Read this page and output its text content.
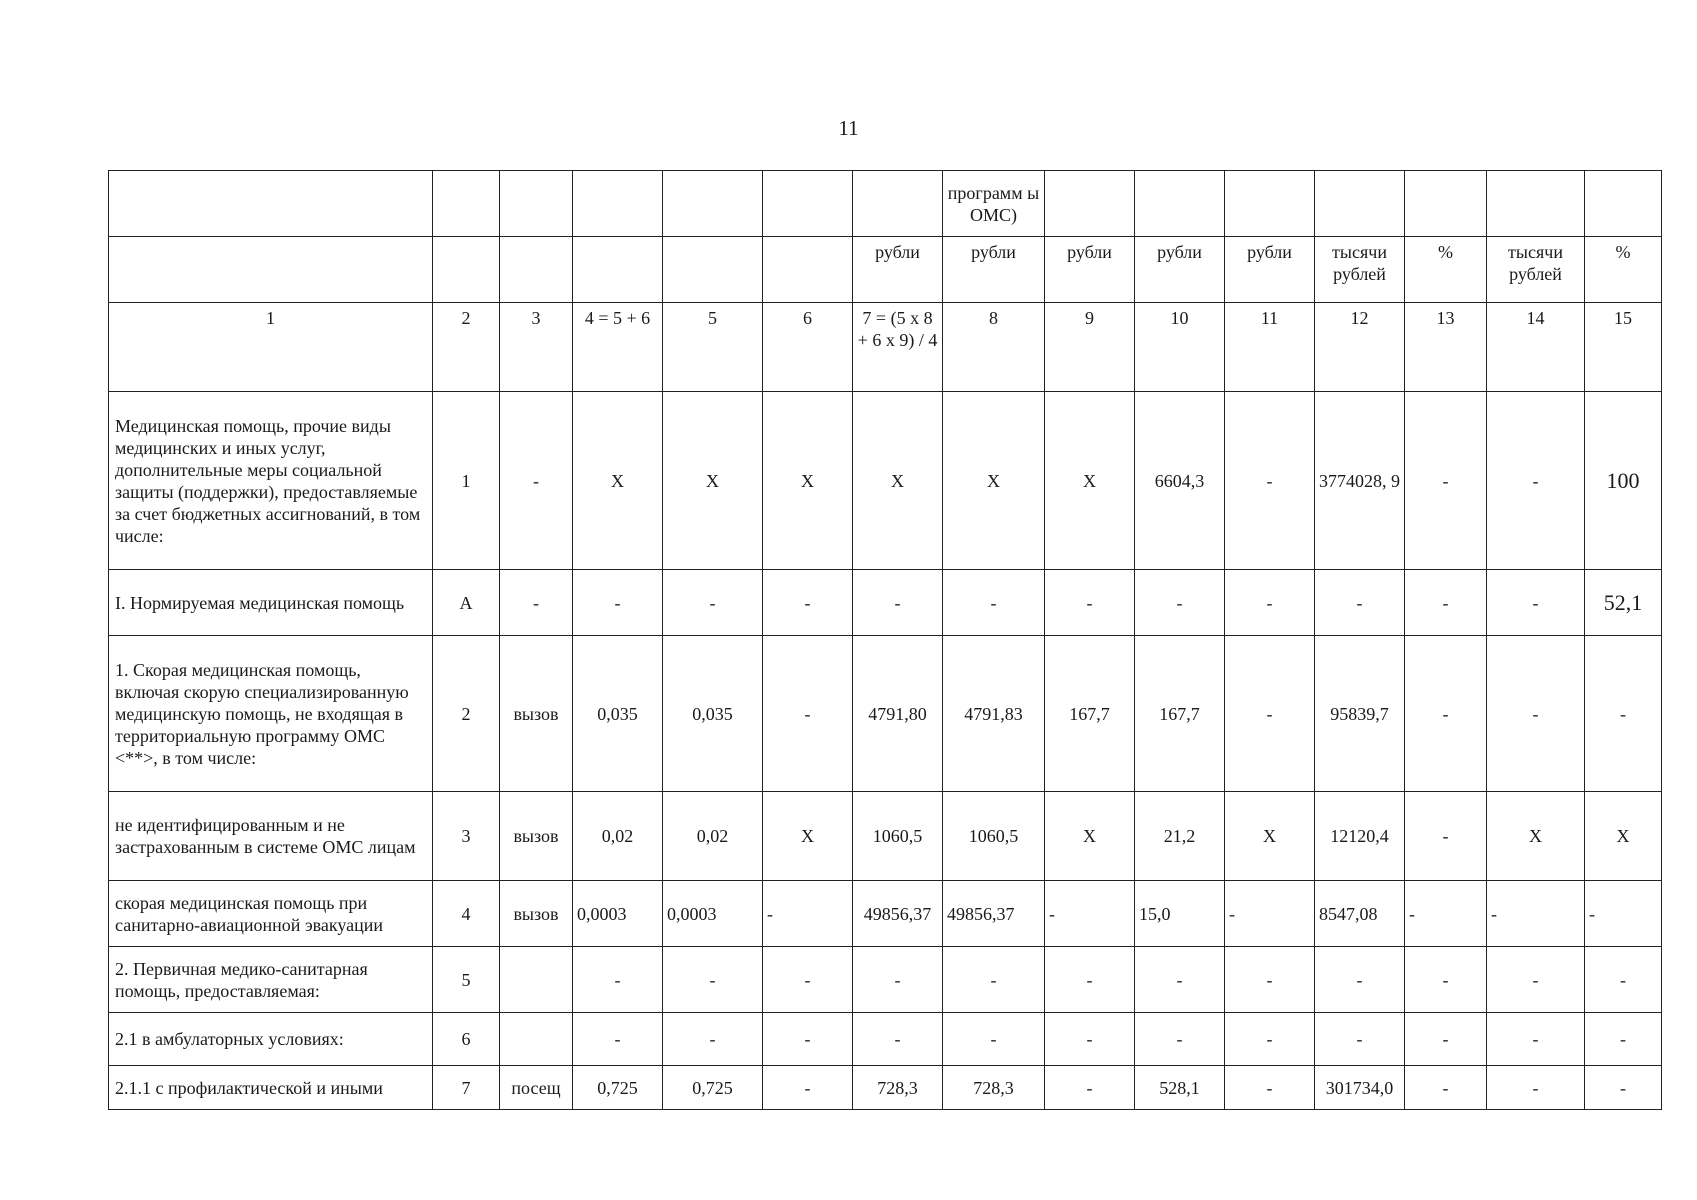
11
							программ ы ОМС)							
						рубли	рубли	рубли	рубли	рубли	тысячи рублей	%	тысячи рублей	%
1	2	3	4 = 5 + 6	5	6	7 = (5 х 8 + 6 х 9) / 4	8	9	10	11	12	13	14	15
Медицинская помощь, прочие виды медицинских и иных услуг, дополнительные меры социальной защиты (поддержки), предоставляемые за счет бюджетных ассигнований, в том числе:	1	-	X	X	X	X	X	X	6604,3	-	3774028, 9	-	-	100
I. Нормируемая медицинская помощь	А	-	-	-	-	-	-	-	-	-	-	-	-	52,1
1. Скорая медицинская помощь, включая скорую специализированную медицинскую помощь, не входящая в территориальную программу ОМС <**>, в том числе:	2	вызов	0,035	0,035	-	4791,80	4791,83	167,7	167,7	-	95839,7	-	-	-
не идентифицированным и не застрахованным в системе ОМС лицам	3	вызов	0,02	0,02	X	1060,5	1060,5	X	21,2	X	12120,4	-	X	X
скорая медицинская помощь при санитарно-авиационной эвакуации	4	вызов	0,0003	0,0003	-	49856,37	49856,37	-	15,0	-	8547,08	-	-	-
2. Первичная медико-санитарная помощь, предоставляемая:	5		-	-	-	-	-	-	-	-	-	-	-	-
2.1 в амбулаторных условиях:	6		-	-	-	-	-	-	-	-	-	-	-	-
2.1.1 с профилактической и иными	7	посещ	0,725	0,725	-	728,3	728,3	-	528,1	-	301734,0	-	-	-
